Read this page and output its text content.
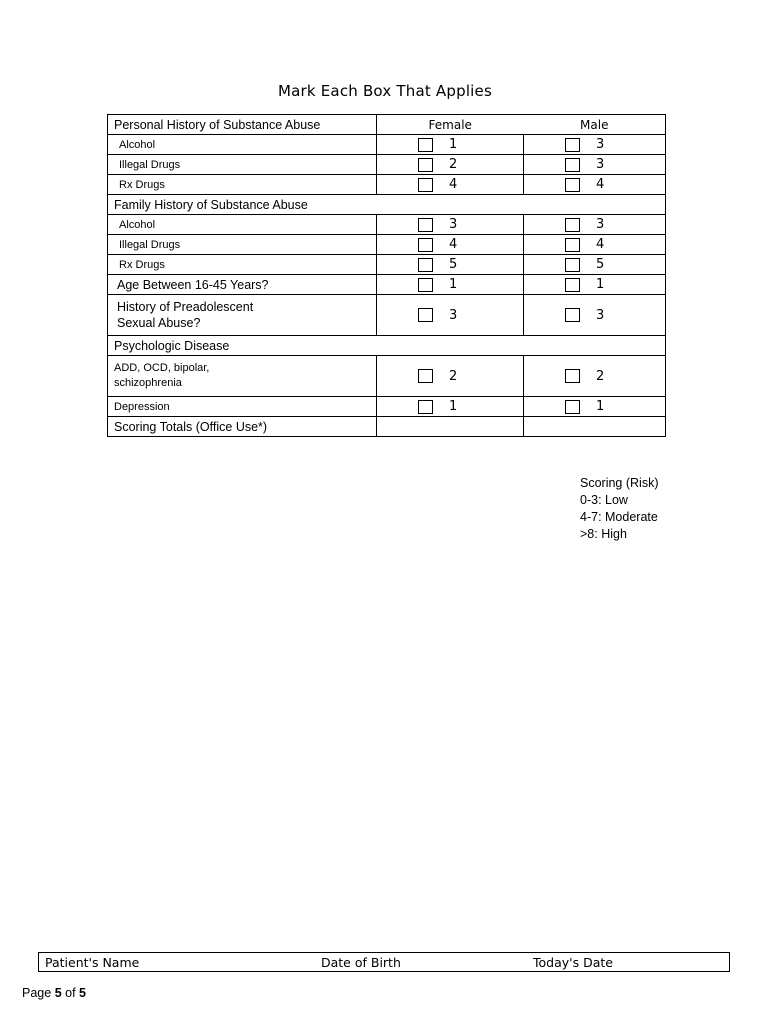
Mark Each Box That Applies
Personal History of Substance Abuse	Female	Male
Alcohol	1	3
Illegal Drugs	2	3
Rx Drugs	4	4
Family History of Substance Abuse		
Alcohol	3	3
Illegal Drugs	4	4
Rx Drugs	5	5
Age Between 16-45 Years?	1	1

History of Preadolescent
Sexual Abuse?	3	3
Psychologic Disease		

ADD, OCD, bipolar,
schizophrenia	2	2
Depression	1	1
Scoring Totals (Office Use*)		
Scoring (Risk)
0-3: Low
4-7: Moderate
>8: High
Patient's Name	Date of Birth	Today's Date
Page 5 of 5
